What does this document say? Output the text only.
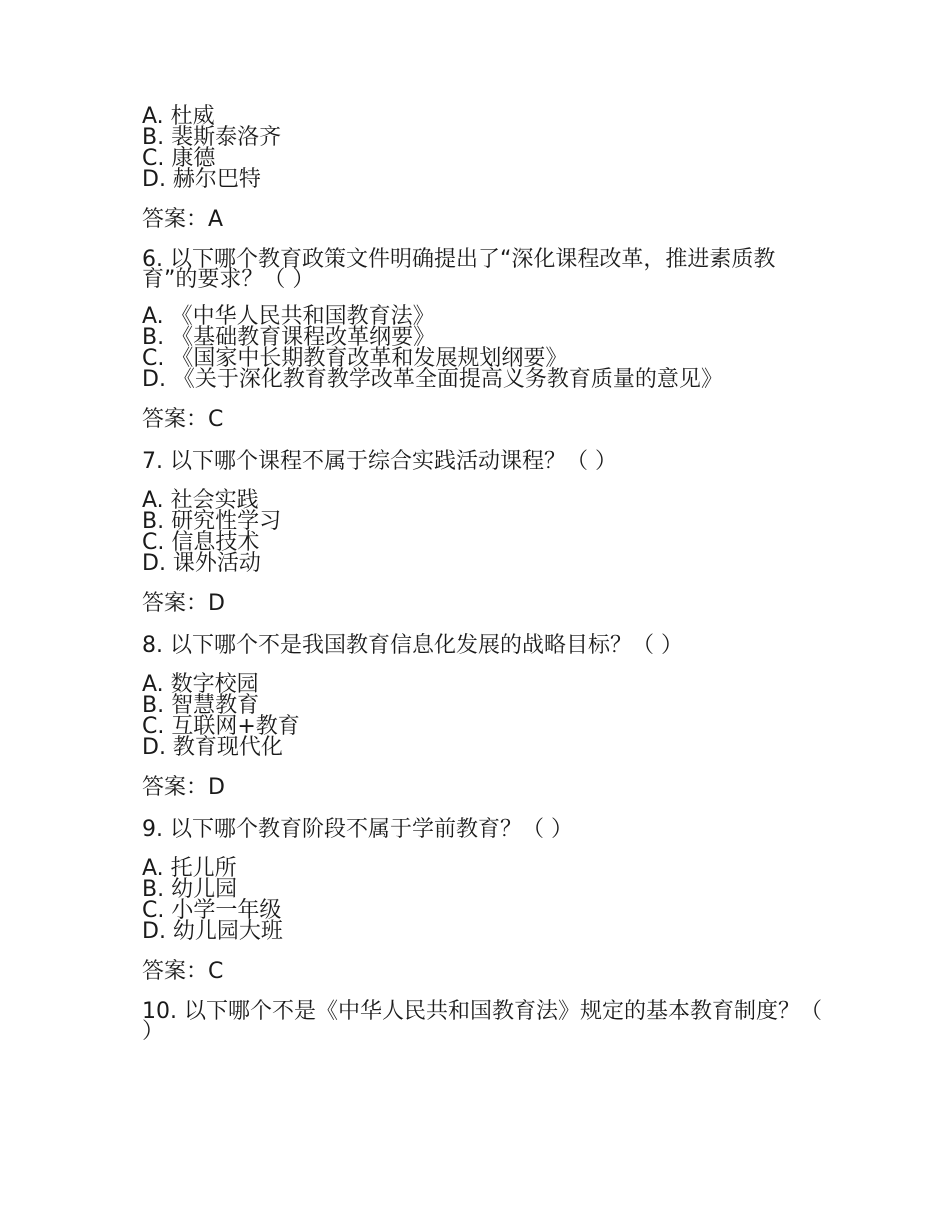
A. 杜威
B. 裴斯泰洛齐
C. 康德
D. 赫尔巴特
答案：A
6. 以下哪个教育政策文件明确提出了“深化课程改革，推进素质教育”的要求？（ ）
A. 《中华人民共和国教育法》
B. 《基础教育课程改革纲要》
C. 《国家中长期教育改革和发展规划纲要》
D. 《关于深化教育教学改革全面提高义务教育质量的意见》
答案：C
7. 以下哪个课程不属于综合实践活动课程？（ ）
A. 社会实践
B. 研究性学习
C. 信息技术
D. 课外活动
答案：D
8. 以下哪个不是我国教育信息化发展的战略目标？（ ）
A. 数字校园
B. 智慧教育
C. 互联网+教育
D. 教育现代化
答案：D
9. 以下哪个教育阶段不属于学前教育？（ ）
A. 托儿所
B. 幼儿园
C. 小学一年级
D. 幼儿园大班
答案：C
10. 以下哪个不是《中华人民共和国教育法》规定的基本教育制度？（ ）
